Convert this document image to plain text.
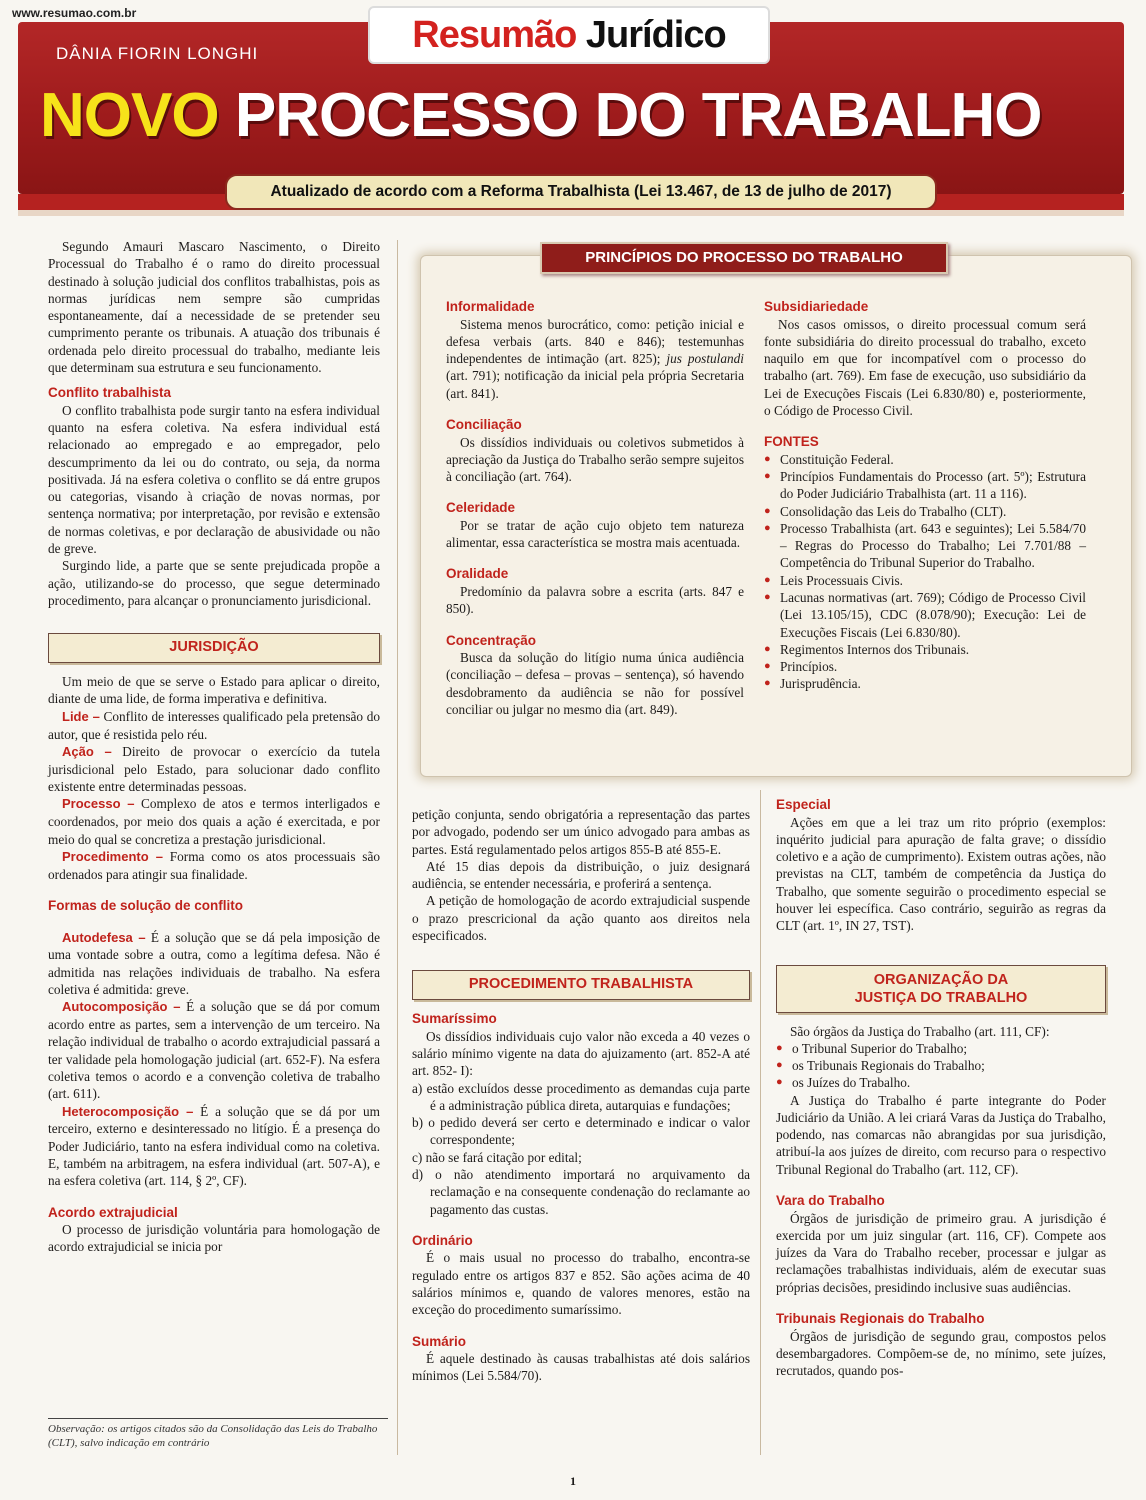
www.resumao.com.br
Resumão Jurídico
DÂNIA FIORIN LONGHI
NOVO PROCESSO DO TRABALHO
Atualizado de acordo com a Reforma Trabalhista (Lei 13.467, de 13 de julho de 2017)

Segundo Amauri Mascaro Nascimento, o Direito Processual do Trabalho é o ramo do direito processual destinado à solução judicial dos conflitos trabalhistas, pois as normas jurídicas nem sempre são cumpridas espontaneamente, daí a necessidade de se pretender seu cumprimento perante os tribunais. A atuação dos tribunais é ordenada pelo direito processual do trabalho, mediante leis que determinam sua estrutura e seu funcionamento.

Conflito trabalhista

O conflito trabalhista pode surgir tanto na esfera individual quanto na esfera coletiva. Na esfera individual está relacionado ao empregado e ao empregador, pelo descumprimento da lei ou do contrato, ou seja, da norma positivada. Já na esfera coletiva o conflito se dá entre grupos ou categorias, visando à criação de novas normas, por sentença normativa; por interpretação, por revisão e extensão de normas coletivas, e por declaração de abusividade ou não de greve.

Surgindo lide, a parte que se sente prejudicada propõe a ação, utilizando-se do processo, que segue determinado procedimento, para alcançar o pronunciamento jurisdicional.

JURISDIÇÃO

Um meio de que se serve o Estado para aplicar o direito, diante de uma lide, de forma imperativa e definitiva.

Lide – Conflito de interesses qualificado pela pretensão do autor, que é resistida pelo réu.

Ação – Direito de provocar o exercício da tutela jurisdicional pelo Estado, para solucionar dado conflito existente entre determinadas pessoas.

Processo – Complexo de atos e termos interligados e coordenados, por meio dos quais a ação é exercitada, e por meio do qual se concretiza a prestação jurisdicional.

Procedimento – Forma como os atos processuais são ordenados para atingir sua finalidade.

Formas de solução de conflito

Autodefesa – É a solução que se dá pela imposição de uma vontade sobre a outra, como a legítima defesa. Não é admitida nas relações individuais de trabalho. Na esfera coletiva é admitida: greve.

Autocomposição – É a solução que se dá por comum acordo entre as partes, sem a intervenção de um terceiro. Na relação individual de trabalho o acordo extrajudicial passará a ter validade pela homologação judicial (art. 652-F). Na esfera coletiva temos o acordo e a convenção coletiva de trabalho (art. 611).

Heterocomposição – É a solução que se dá por um terceiro, externo e desinteressado no litígio. É a presença do Poder Judiciário, tanto na esfera individual como na coletiva. E, também na arbitragem, na esfera individual (art. 507-A), e na esfera coletiva (art. 114, § 2º, CF).

Acordo extrajudicial

O processo de jurisdição voluntária para homologação de acordo extrajudicial se inicia por

Observação: os artigos citados são da Consolidação das Leis do Trabalho (CLT), salvo indicação em contrário
PRINCÍPIOS DO PROCESSO DO TRABALHO
Informalidade

Sistema menos burocrático, como: petição inicial e defesa verbais (arts. 840 e 846); testemunhas independentes de intimação (art. 825); jus postulandi (art. 791); notificação da inicial pela própria Secretaria (art. 841).

Conciliação

Os dissídios individuais ou coletivos submetidos à apreciação da Justiça do Trabalho serão sempre sujeitos à conciliação (art. 764).

Celeridade

Por se tratar de ação cujo objeto tem natureza alimentar, essa característica se mostra mais acentuada.

Oralidade

Predomínio da palavra sobre a escrita (arts. 847 e 850).

Concentração

Busca da solução do litígio numa única audiência (conciliação – defesa – provas – sentença), só havendo desdobramento da audiência se não for possível conciliar ou julgar no mesmo dia (art. 849).

Subsidiariedade

Nos casos omissos, o direito processual comum será fonte subsidiária do direito processual do trabalho, exceto naquilo em que for incompatível com o processo do trabalho (art. 769). Em fase de execução, uso subsidiário da Lei de Execuções Fiscais (Lei 6.830/80) e, posteriormente, o Código de Processo Civil.

FONTES
● Constituição Federal.
● Princípios Fundamentais do Processo (art. 5º); Estrutura do Poder Judiciário Trabalhista (art. 11 a 116).
● Consolidação das Leis do Trabalho (CLT).
● Processo Trabalhista (art. 643 e seguintes); Lei 5.584/70 – Regras do Processo do Trabalho; Lei 7.701/88 – Competência do Tribunal Superior do Trabalho.
● Leis Processuais Civis.
● Lacunas normativas (art. 769); Código de Processo Civil (Lei 13.105/15), CDC (8.078/90); Execução: Lei de Execuções Fiscais (Lei 6.830/80).
● Regimentos Internos dos Tribunais.
● Princípios.
● Jurisprudência.

petição conjunta, sendo obrigatória a representação das partes por advogado, podendo ser um único advogado para ambas as partes. Está regulamentado pelos artigos 855-B até 855-E.

Até 15 dias depois da distribuição, o juiz designará audiência, se entender necessária, e proferirá a sentença.

A petição de homologação de acordo extrajudicial suspende o prazo prescricional da ação quanto aos direitos nela especificados.

PROCEDIMENTO TRABALHISTA
Sumaríssimo

Os dissídios individuais cujo valor não exceda a 40 vezes o salário mínimo vigente na data do ajuizamento (art. 852-A até art. 852- I):

a) estão excluídos desse procedimento as demandas cuja parte é a administração pública direta, autarquias e fundações;
b) o pedido deverá ser certo e determinado e indicar o valor correspondente;
c) não se fará citação por edital;
d) o não atendimento importará no arquivamento da reclamação e na consequente condenação do reclamante ao pagamento das custas.
Ordinário

É o mais usual no processo do trabalho, encontra-se regulado entre os artigos 837 e 852. São ações acima de 40 salários mínimos e, quando de valores menores, estão na exceção do procedimento sumaríssimo.

Sumário

É aquele destinado às causas trabalhistas até dois salários mínimos (Lei 5.584/70).

Especial

Ações em que a lei traz um rito próprio (exemplos: inquérito judicial para apuração de falta grave; o dissídio coletivo e a ação de cumprimento). Existem outras ações, não previstas na CLT, também de competência da Justiça do Trabalho, que somente seguirão o procedimento especial se houver lei específica. Caso contrário, seguirão as regras da CLT (art. 1º, IN 27, TST).

ORGANIZAÇÃO DA
JUSTIÇA DO TRABALHO

São órgãos da Justiça do Trabalho (art. 111, CF):

● o Tribunal Superior do Trabalho;
● os Tribunais Regionais do Trabalho;
● os Juízes do Trabalho.

A Justiça do Trabalho é parte integrante do Poder Judiciário da União. A lei criará Varas da Justiça do Trabalho, podendo, nas comarcas não abrangidas por sua jurisdição, atribuí-la aos juízes de direito, com recurso para o respectivo Tribunal Regional do Trabalho (art. 112, CF).

Vara do Trabalho

Órgãos de jurisdição de primeiro grau. A jurisdição é exercida por um juiz singular (art. 116, CF). Compete aos juízes da Vara do Trabalho receber, processar e julgar as reclamações trabalhistas individuais, além de executar suas próprias decisões, presidindo inclusive suas audiências.

Tribunais Regionais do Trabalho

Órgãos de jurisdição de segundo grau, compostos pelos desembargadores. Compõem-se de, no mínimo, sete juízes, recrutados, quando pos-

1
